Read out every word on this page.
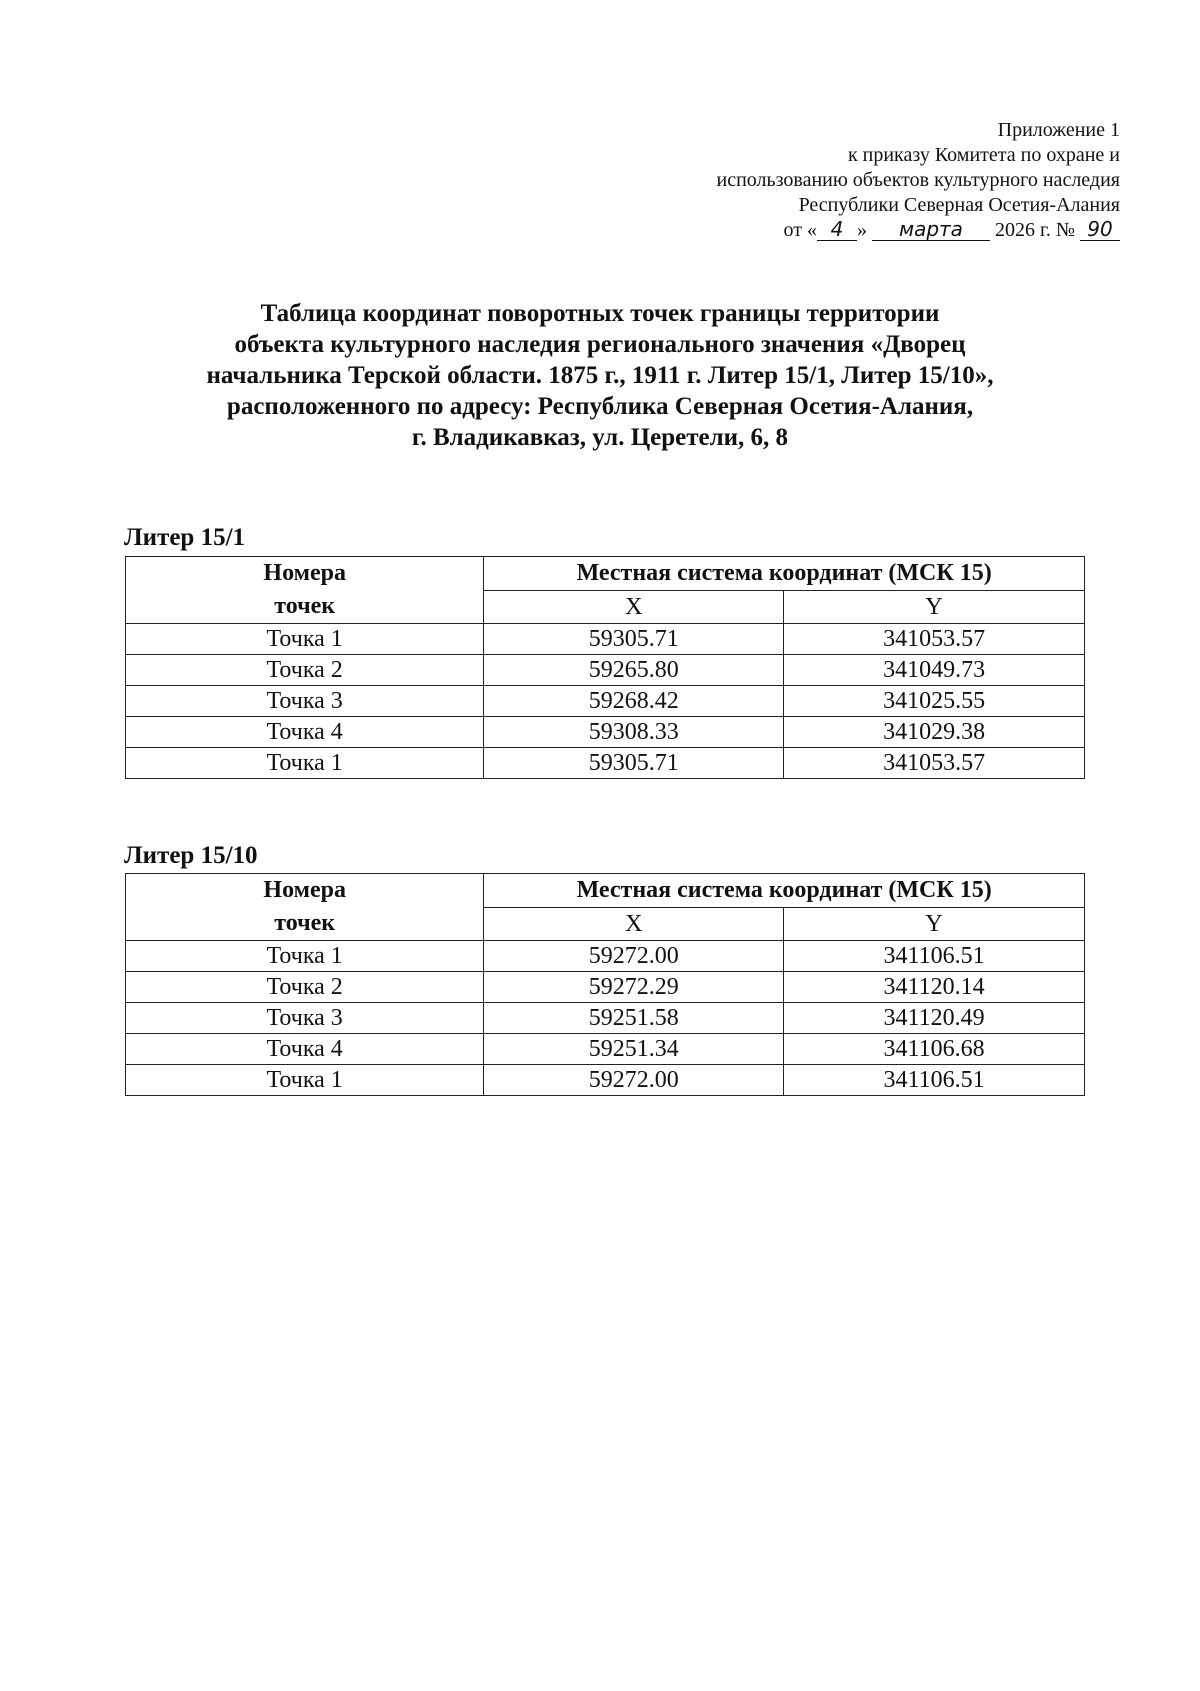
Приложение 1
к приказу Комитета по охране и
использованию объектов культурного наследия
Республики Северная Осетия-Алания
от « 4 » марта 2026 г. № 90
Таблица координат поворотных точек границы территории
объекта культурного наследия регионального значения «Дворец
начальника Терской области. 1875 г., 1911 г. Литер 15/1, Литер 15/10»,
расположенного по адресу: Республика Северная Осетия-Алания,
г. Владикавказ, ул. Церетели, 6, 8
Литер 15/1
Номера
точек	Местная система координат (МСК 15)	
	X	Y
Точка 1	59305.71	341053.57
Точка 2	59265.80	341049.73
Точка 3	59268.42	341025.55
Точка 4	59308.33	341029.38
Точка 1	59305.71	341053.57
Литер 15/10
Номера
точек	Местная система координат (МСК 15)	
	X	Y
Точка 1	59272.00	341106.51
Точка 2	59272.29	341120.14
Точка 3	59251.58	341120.49
Точка 4	59251.34	341106.68
Точка 1	59272.00	341106.51
